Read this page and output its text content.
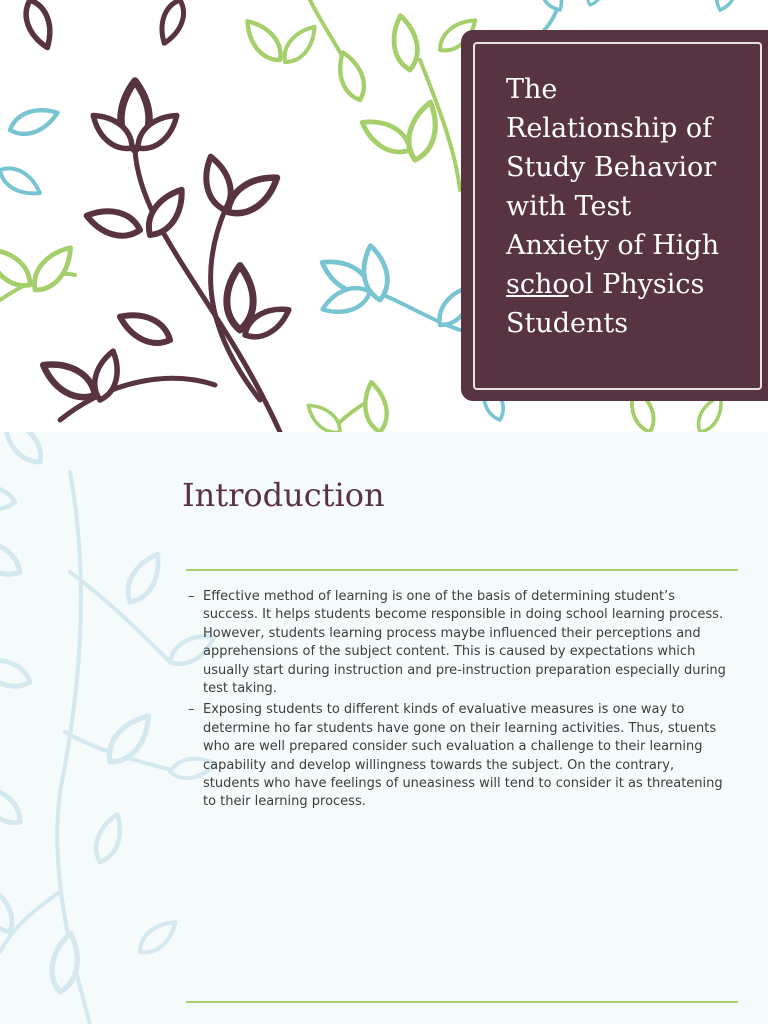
The
Relationship of
Study Behavior
with Test
Anxiety of High
school Physics
Students
Introduction
– Effective method of learning is one of the basis of determining student’s success. It helps students become responsible in doing school learning process. However, students learning process maybe influenced their perceptions and apprehensions of the subject content. This is caused by expectations which usually start during instruction and pre-instruction preparation especially during test taking.
– Exposing students to different kinds of evaluative measures is one way to determine ho far students have gone on their learning activities. Thus, stuents who are well prepared consider such evaluation a challenge to their learning capability and develop willingness towards the subject. On the contrary, students who have feelings of uneasiness will tend to consider it as threatening to their learning process.
